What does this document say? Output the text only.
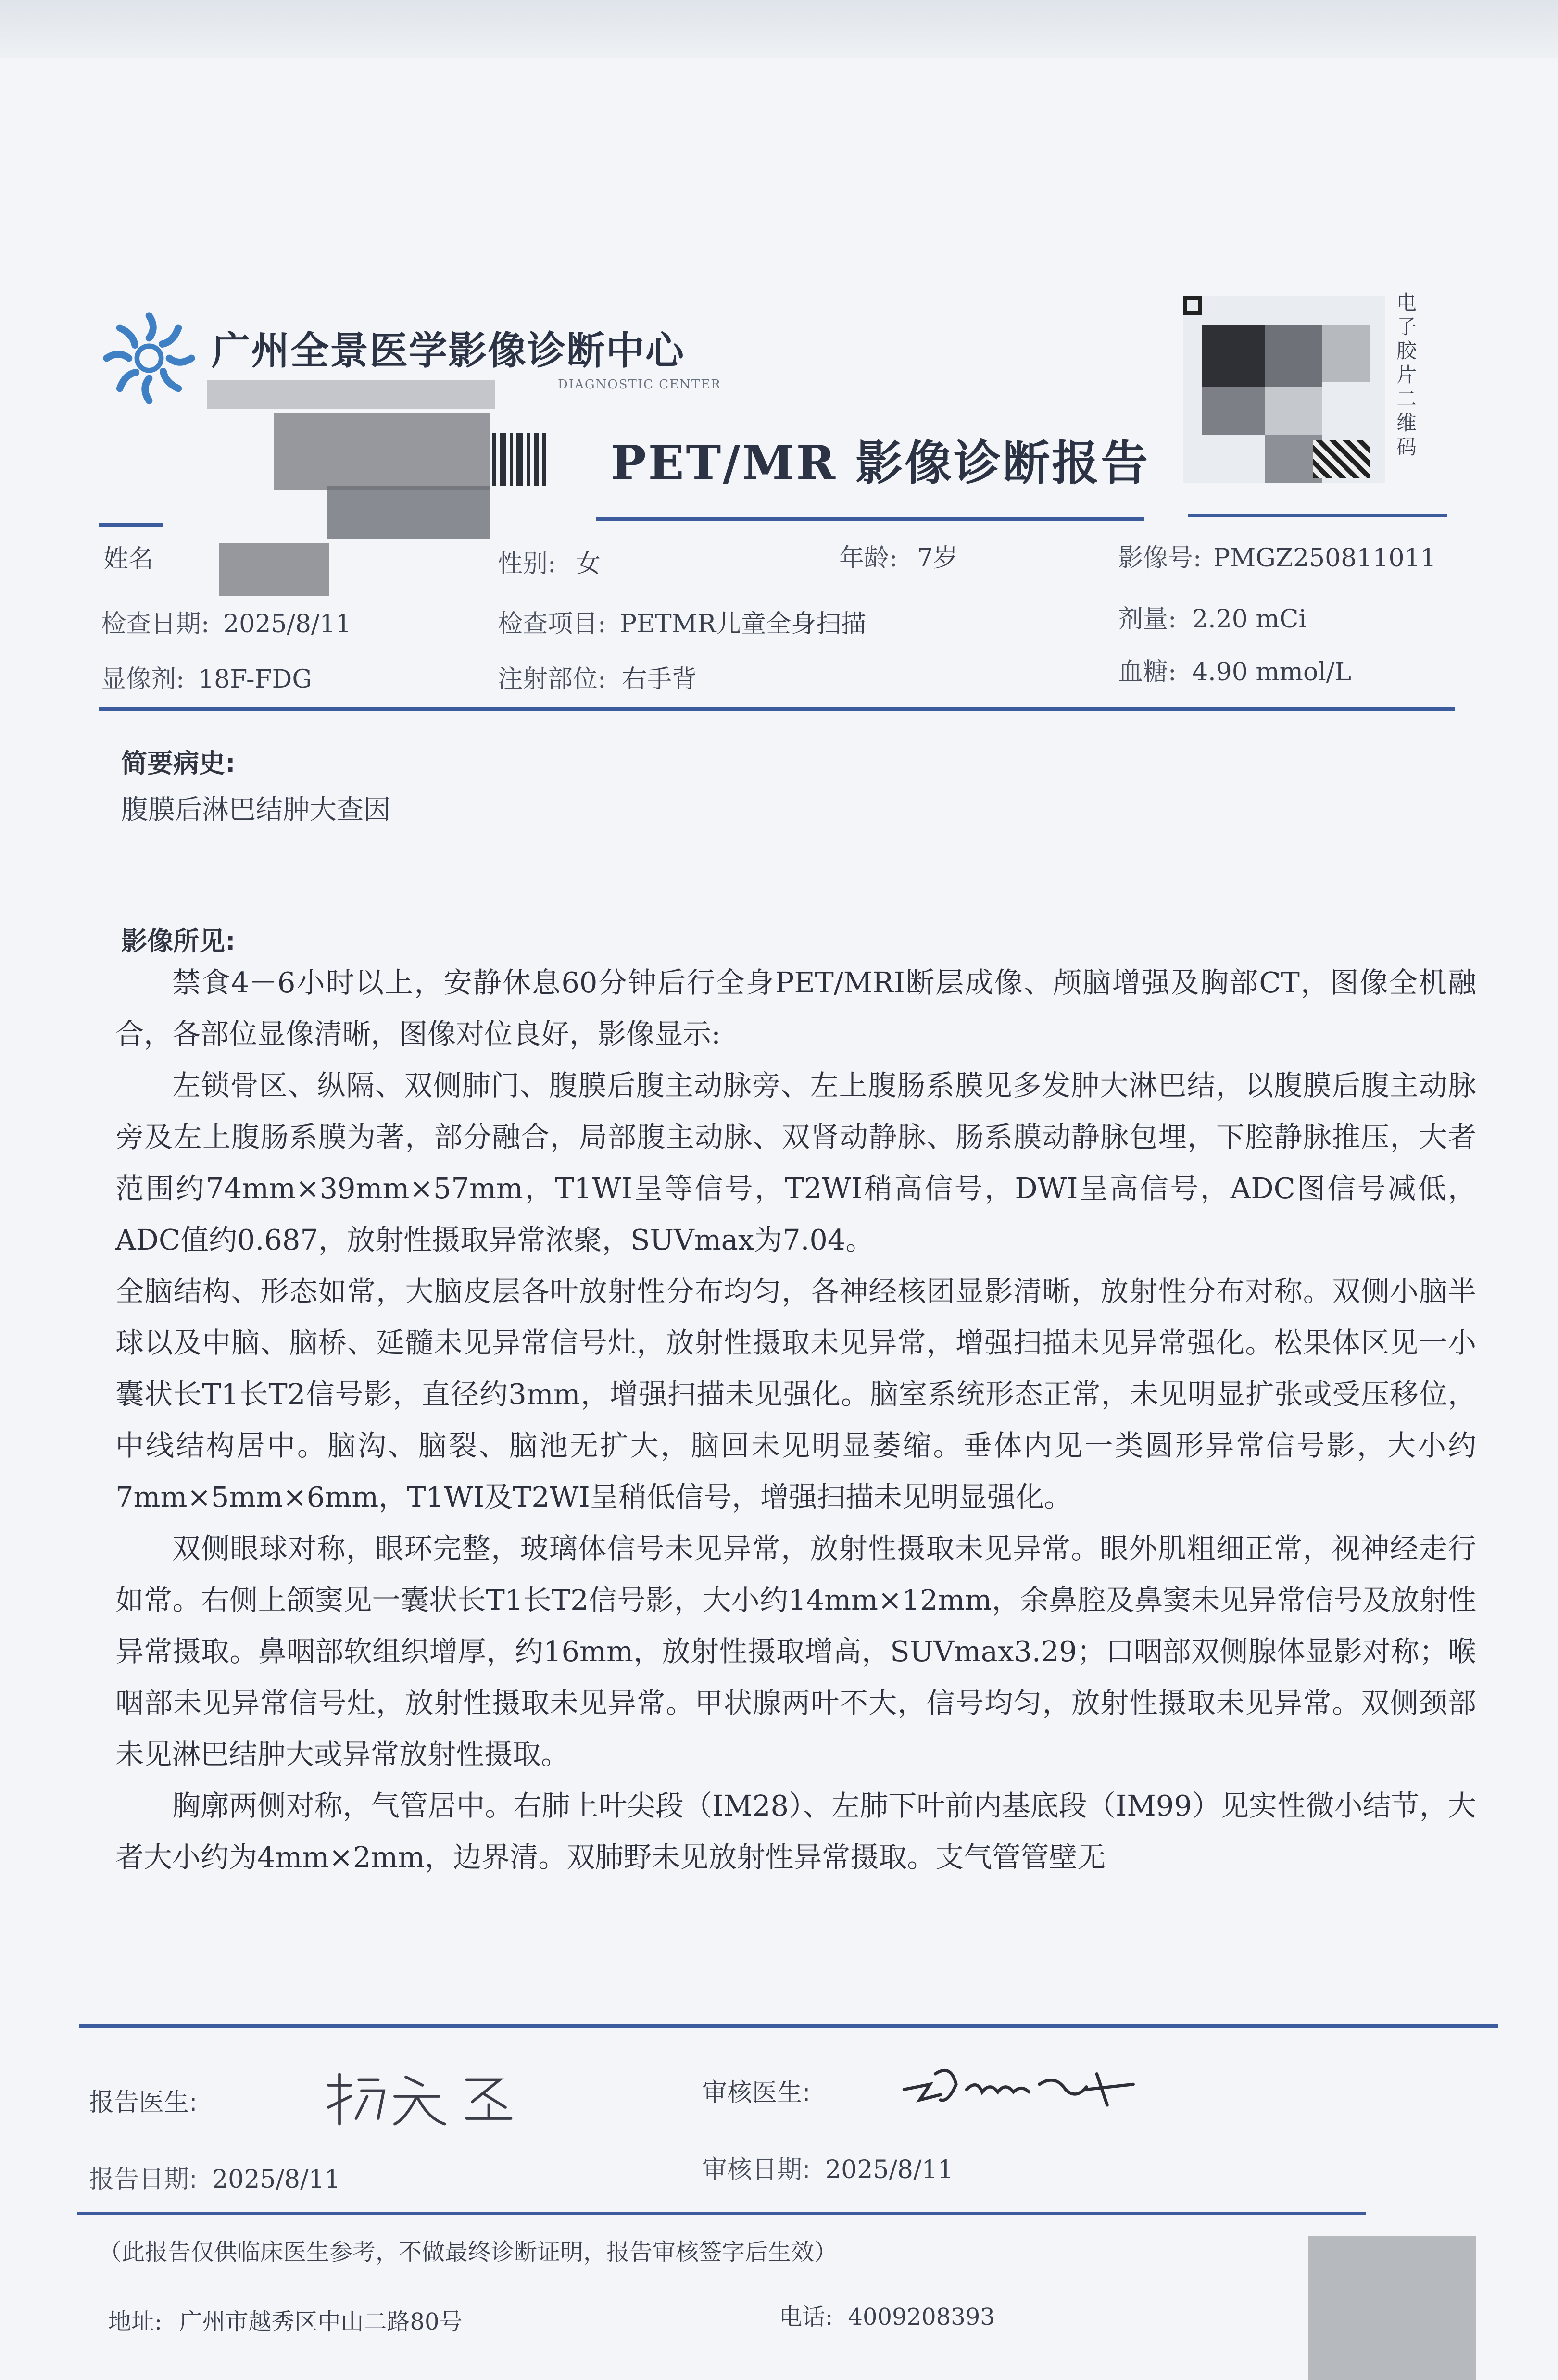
广州全景医学影像诊断中心
DIAGNOSTIC CENTER
PET/MR 影像诊断报告
电子胶片二维码
姓名	性别: 女	年龄: 7岁	影像号: PMGZ250811011
检查日期: 2025/8/11	检查项目: PETMR儿童全身扫描	剂量: 2.20 mCi
显像剂: 18F-FDG	注射部位: 右手背	血糖: 4.90 mmol/L
简要病史:
腹膜后淋巴结肿大查因
影像所见:

禁食4－6小时以上，安静休息60分钟后行全身PET/MRI断层成像、颅脑增强及胸部CT，图像全机融合，各部位显像清晰，图像对位良好，影像显示:

左锁骨区、纵隔、双侧肺门、腹膜后腹主动脉旁、左上腹肠系膜见多发肿大淋巴结，以腹膜后腹主动脉旁及左上腹肠系膜为著，部分融合，局部腹主动脉、双肾动静脉、肠系膜动静脉包埋，下腔静脉推压，大者范围约74mm×39mm×57mm，T1WI呈等信号，T2WI稍高信号，DWI呈高信号，ADC图信号减低，ADC值约0.687，放射性摄取异常浓聚，SUVmax为7.04。

全脑结构、形态如常，大脑皮层各叶放射性分布均匀，各神经核团显影清晰，放射性分布对称。双侧小脑半球以及中脑、脑桥、延髓未见异常信号灶，放射性摄取未见异常，增强扫描未见异常强化。松果体区见一小囊状长T1长T2信号影，直径约3mm，增强扫描未见强化。脑室系统形态正常，未见明显扩张或受压移位，中线结构居中。脑沟、脑裂、脑池无扩大，脑回未见明显萎缩。垂体内见一类圆形异常信号影，大小约7mm×5mm×6mm，T1WI及T2WI呈稍低信号，增强扫描未见明显强化。

双侧眼球对称，眼环完整，玻璃体信号未见异常，放射性摄取未见异常。眼外肌粗细正常，视神经走行如常。右侧上颌窦见一囊状长T1长T2信号影，大小约14mm×12mm，余鼻腔及鼻窦未见异常信号及放射性异常摄取。鼻咽部软组织增厚，约16mm，放射性摄取增高，SUVmax3.29；口咽部双侧腺体显影对称；喉咽部未见异常信号灶，放射性摄取未见异常。甲状腺两叶不大，信号均匀，放射性摄取未见异常。双侧颈部未见淋巴结肿大或异常放射性摄取。

胸廓两侧对称，气管居中。右肺上叶尖段（IM28）、左肺下叶前内基底段（IM99）见实性微小结节，大者大小约为4mm×2mm，边界清。双肺野未见放射性异常摄取。支气管管壁无

报告医生:	审核医生:
报告日期: 2025/8/11	审核日期: 2025/8/11
（此报告仅供临床医生参考，不做最终诊断证明，报告审核签字后生效）
地址: 广州市越秀区中山二路80号	电话: 4009208393
